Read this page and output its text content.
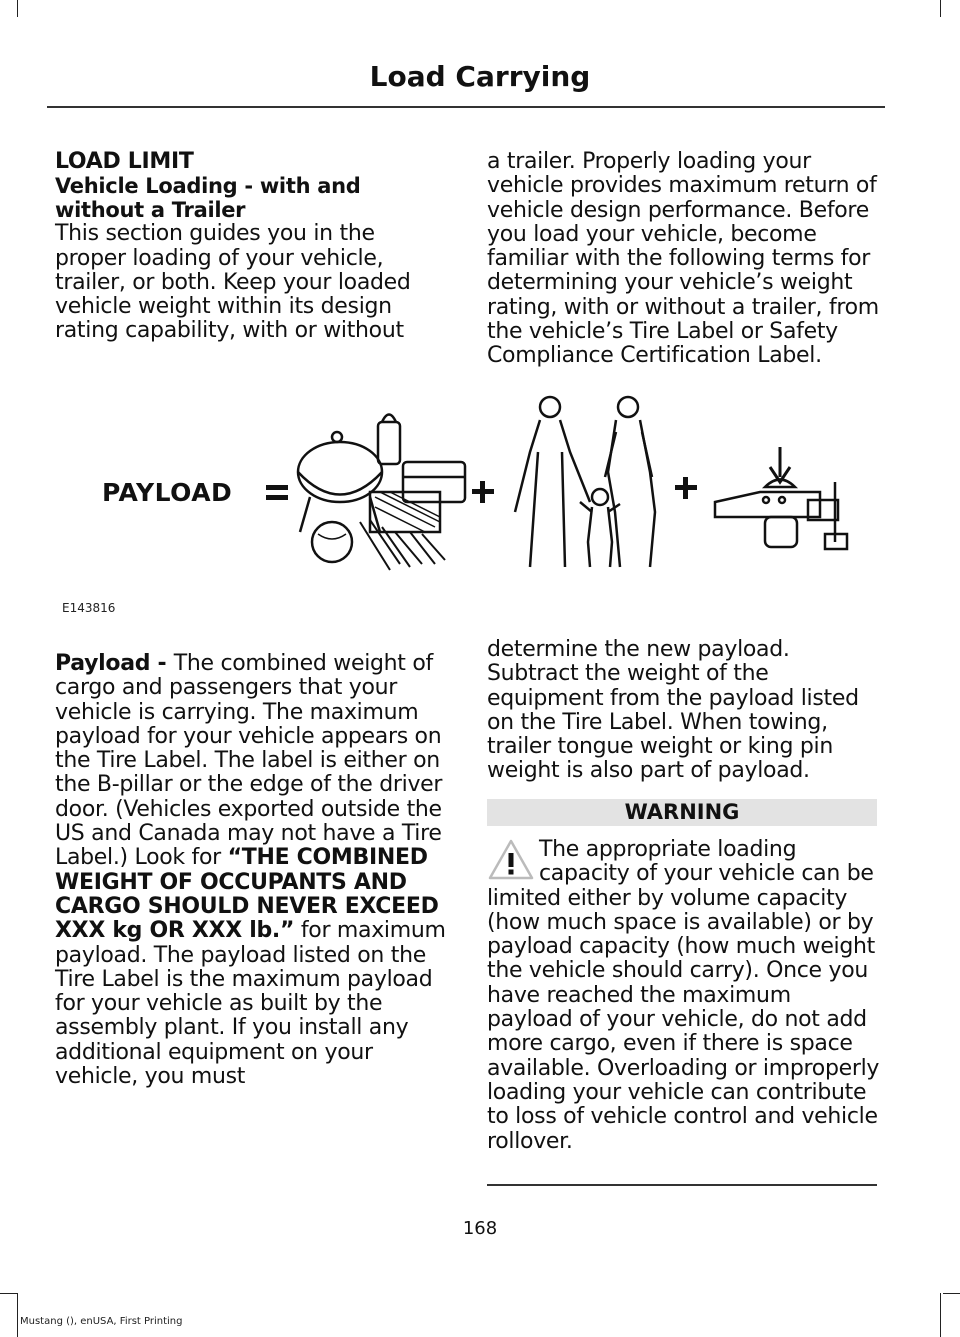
Load Carrying

LOAD LIMIT

Vehicle Loading - with and without a Trailer

This section guides you in the proper loading of your vehicle, trailer, or both. Keep your loaded vehicle weight within its design rating capability, with or without

a trailer. Properly loading your vehicle provides maximum return of vehicle design performance. Before you load your vehicle, become familiar with the following terms for determining your vehicle’s weight rating, with or without a trailer, from the vehicle’s Tire Label or Safety Compliance Certification Label.

PAYLOAD
E143816

Payload - The combined weight of cargo and passengers that your vehicle is carrying. The maximum payload for your vehicle appears on the Tire Label. The label is either on the B-pillar or the edge of the driver door. (Vehicles exported outside the US and Canada may not have a Tire Label.) Look for “THE COMBINED WEIGHT OF OCCUPANTS AND CARGO SHOULD NEVER EXCEED XXX kg OR XXX lb.” for maximum payload. The payload listed on the Tire Label is the maximum payload for your vehicle as built by the assembly plant. If you install any additional equipment on your vehicle, you must

determine the new payload. Subtract the weight of the equipment from the payload listed on the Tire Label. When towing, trailer tongue weight or king pin weight is also part of payload.

WARNING
The appropriate loading capacity of your vehicle can be limited either by volume capacity (how much space is available) or by payload capacity (how much weight the vehicle should carry). Once you have reached the maximum payload of your vehicle, do not add more cargo, even if there is space available. Overloading or improperly loading your vehicle can contribute to loss of vehicle control and vehicle rollover.
168
Mustang (), enUSA, First Printing
